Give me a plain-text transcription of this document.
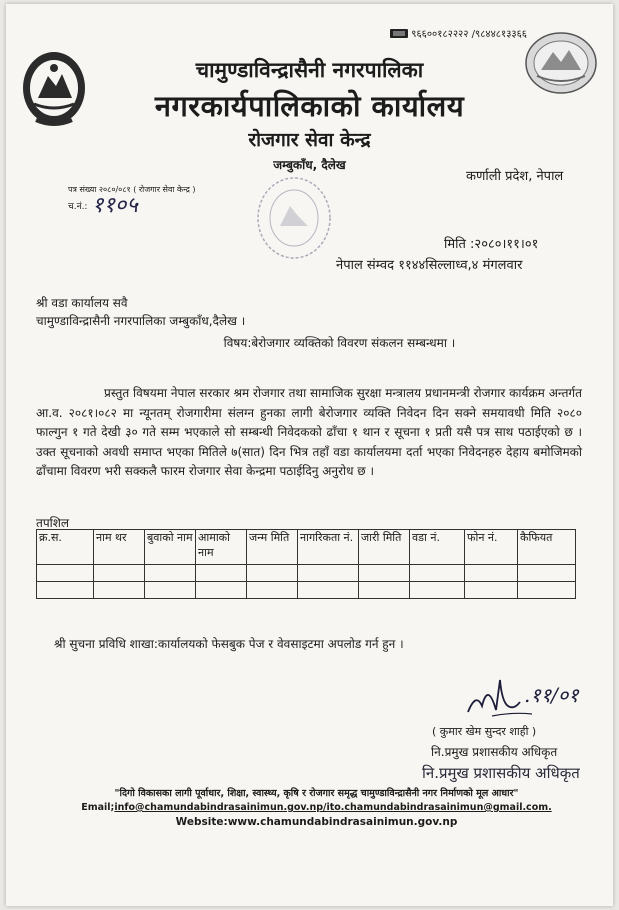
९६६००१८२२२२ /९८४४८१३३६६
चामुण्डाविन्द्रासैनी नगरपालिका
नगरकार्यपालिकाको कार्यालय
रोजगार सेवा केन्द्र
जम्बुकाँध, दैलेख
कर्णाली प्रदेश, नेपाल
पत्र संख्या २०८०/०८१ ( रोजगार सेवा केन्द्र )
च.नं.: ११०५
मिति :२०८०।११।०१
नेपाल संम्वद ११४४सिल्लाध्व,४ मंगलवार
श्री वडा कार्यालय सवै
चामुण्डाविन्द्रासैनी नगरपालिका जम्बुकाँध,दैलेख ।
विषय:बेरोजगार व्यक्तिको विवरण संकलन सम्बन्धमा ।
प्रस्तुत विषयमा नेपाल सरकार श्रम रोजगार तथा सामाजिक सुरक्षा मन्त्रालय प्रधानमन्त्री रोजगार कार्यक्रम अन्तर्गत आ.व. २०८१।०८२ मा न्यूनतम् रोजगारीमा संलग्न हुनका लागी बेरोजगार व्यक्ति निवेदन दिन सक्ने समयावधी मिति २०८० फाल्गुन १ गते देखी ३० गते सम्म भएकाले सो सम्बन्धी निवेदकको ढाँचा १ थान र सूचना १ प्रती यसै पत्र साथ पठाईएको छ । उक्त सूचनाको अवधी समाप्त भएका मितिले ७(सात) दिन भित्र तहाँ वडा कार्यालयमा दर्ता भएका निवेदनहरु देहाय बमोजिमको ढाँचामा विवरण भरी सक्कलै फारम रोजगार सेवा केन्द्रमा पठाईदिनु अनुरोध छ ।
तपशिल
क्र.स.	नाम थर	बुवाको नाम	आमाको नाम	जन्म मिति	नागरिकता नं.	जारी मिति	वडा नं.	फोन नं.	कैफियत

श्री सुचना प्रविधि शाखा:कार्यालयको फेसबुक पेज र वेवसाइटमा अपलोड गर्न हुन ।
.११/०१
( कुमार खेम सुन्दर शाही )
नि.प्रमुख प्रशासकीय अधिकृत
नि.प्रमुख प्रशासकीय अधिकृत
"दिगो विकासका लागी पूर्वाधार, शिक्षा, स्वास्थ्य, कृषि र रोजगार समृद्ध चामुण्डाविन्द्रासैनी नगर निर्माणको मूल आधार"
Email;info@chamundabindrasainimun.gov.np/ito.chamundabindrasainimun@gmail.com.
Website:www.chamundabindrasainimun.gov.np
